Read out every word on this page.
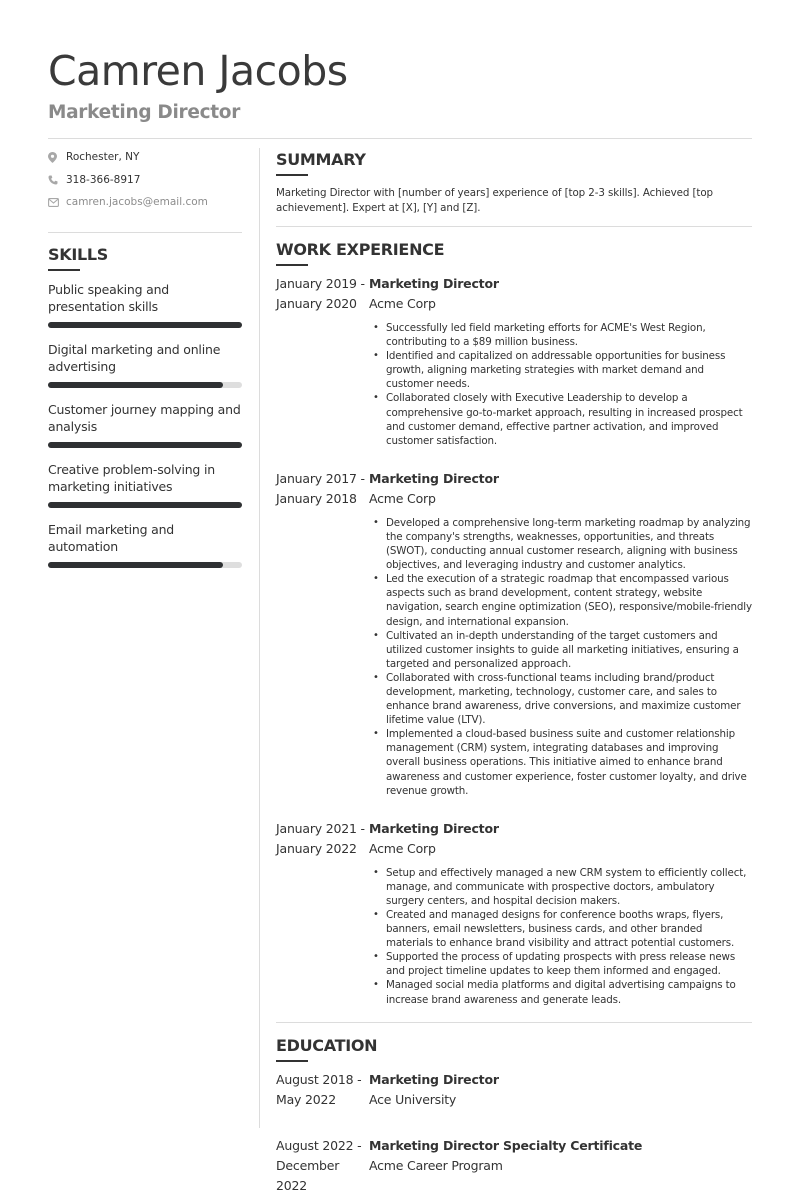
Camren Jacobs
Marketing Director
Rochester, NY
318-366-8917
camren.jacobs@email.com
SKILLS
Public speaking and presentation skills
Digital marketing and online advertising
Customer journey mapping and analysis
Creative problem-solving in marketing initiatives
Email marketing and automation
SUMMARY
Marketing Director with [number of years] experience of [top 2-3 skills]. Achieved [top achievement]. Expert at [X], [Y] and [Z].
WORK EXPERIENCE
January 2019 -
January 2020
Marketing Director
Acme Corp
• Successfully led field marketing efforts for ACME's West Region, contributing to a $89 million business.
• Identified and capitalized on addressable opportunities for business growth, aligning marketing strategies with market demand and customer needs.
• Collaborated closely with Executive Leadership to develop a comprehensive go-to-market approach, resulting in increased prospect and customer demand, effective partner activation, and improved customer satisfaction.
January 2017 -
January 2018
Marketing Director
Acme Corp
• Developed a comprehensive long-term marketing roadmap by analyzing the company's strengths, weaknesses, opportunities, and threats (SWOT), conducting annual customer research, aligning with business objectives, and leveraging industry and customer analytics.
• Led the execution of a strategic roadmap that encompassed various aspects such as brand development, content strategy, website navigation, search engine optimization (SEO), responsive/mobile-friendly design, and international expansion.
• Cultivated an in-depth understanding of the target customers and utilized customer insights to guide all marketing initiatives, ensuring a targeted and personalized approach.
• Collaborated with cross-functional teams including brand/product development, marketing, technology, customer care, and sales to enhance brand awareness, drive conversions, and maximize customer lifetime value (LTV).
• Implemented a cloud-based business suite and customer relationship management (CRM) system, integrating databases and improving overall business operations. This initiative aimed to enhance brand awareness and customer experience, foster customer loyalty, and drive revenue growth.
January 2021 -
January 2022
Marketing Director
Acme Corp
• Setup and effectively managed a new CRM system to efficiently collect, manage, and communicate with prospective doctors, ambulatory surgery centers, and hospital decision makers.
• Created and managed designs for conference booths wraps, flyers, banners, email newsletters, business cards, and other branded materials to enhance brand visibility and attract potential customers.
• Supported the process of updating prospects with press release news and project timeline updates to keep them informed and engaged.
• Managed social media platforms and digital advertising campaigns to increase brand awareness and generate leads.
EDUCATION
August 2018 -
May 2022
Marketing Director
Ace University
August 2022 -
December 2022
Marketing Director Specialty Certificate
Acme Career Program
